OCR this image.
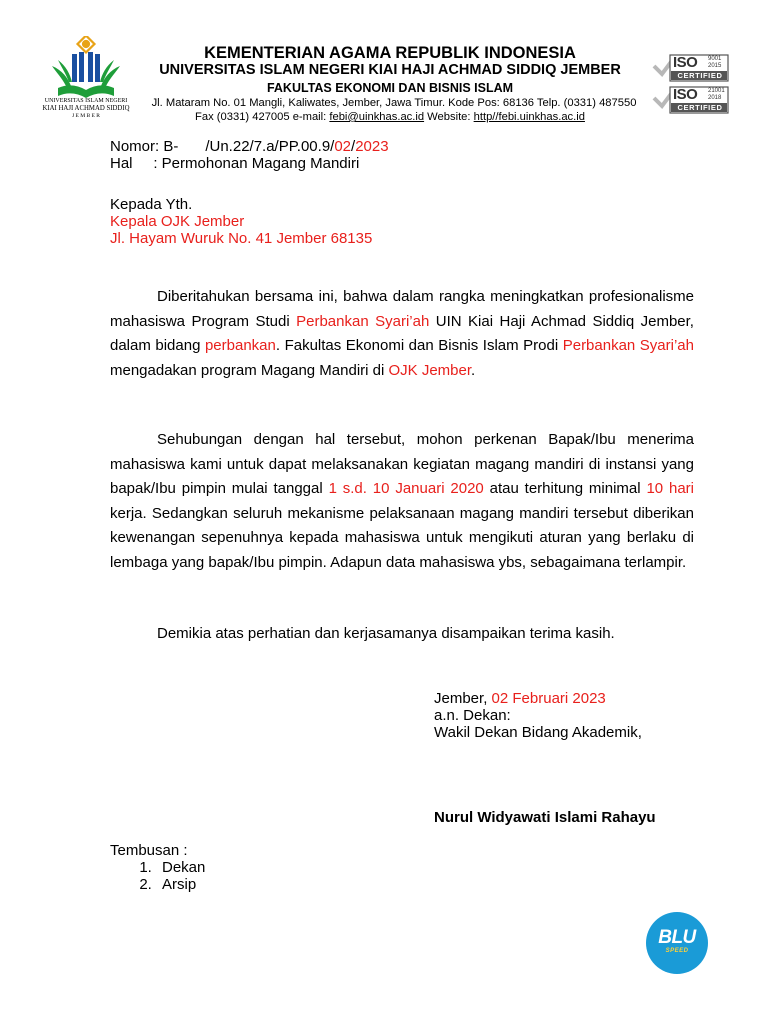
UNIVERSITAS ISLAM NEGERI
KIAI HAJI ACHMAD SIDDIQ
J E M B E R
KEMENTERIAN AGAMA REPUBLIK INDONESIA
UNIVERSITAS ISLAM NEGERI KIAI HAJI ACHMAD SIDDIQ JEMBER
FAKULTAS EKONOMI DAN BISNIS ISLAM
Jl. Mataram No. 01 Mangli, Kaliwates, Jember, Jawa Timur. Kode Pos: 68136 Telp. (0331) 487550
Fax (0331) 427005 e-mail: febi@uinkhas.ac.id Website: http//febi.uinkhas.ac.id
ISO 9001
2015
CERTIFIED
ISO 21001
2018
CERTIFIED
Nomor: B- /Un.22/7.a/PP.00.9/02/2023
Hal     : Permohonan Magang Mandiri
Kepada Yth.
Kepala OJK Jember
Jl. Hayam Wuruk No. 41 Jember 68135
Diberitahukan bersama ini, bahwa dalam rangka meningkatkan profesionalisme mahasiswa Program Studi Perbankan Syari’ah UIN Kiai Haji Achmad Siddiq Jember, dalam bidang perbankan. Fakultas Ekonomi dan Bisnis Islam Prodi Perbankan Syari’ah mengadakan program Magang Mandiri di OJK Jember.
Sehubungan dengan hal tersebut, mohon perkenan Bapak/Ibu menerima mahasiswa kami untuk dapat melaksanakan kegiatan magang mandiri di instansi yang bapak/Ibu pimpin mulai tanggal 1 s.d. 10 Januari 2020 atau terhitung minimal 10 hari kerja. Sedangkan seluruh mekanisme pelaksanaan magang mandiri tersebut diberikan kewenangan sepenuhnya kepada mahasiswa untuk mengikuti aturan yang berlaku di lembaga yang bapak/Ibu pimpin. Adapun data mahasiswa ybs, sebagaimana terlampir.
Demikia atas perhatian dan kerjasamanya disampaikan terima kasih.
Jember, 02 Februari 2023
a.n. Dekan:
Wakil Dekan Bidang Akademik,
Nurul Widyawati Islami Rahayu
Tembusan :
1. Dekan
2. Arsip
BLU
SPEED
